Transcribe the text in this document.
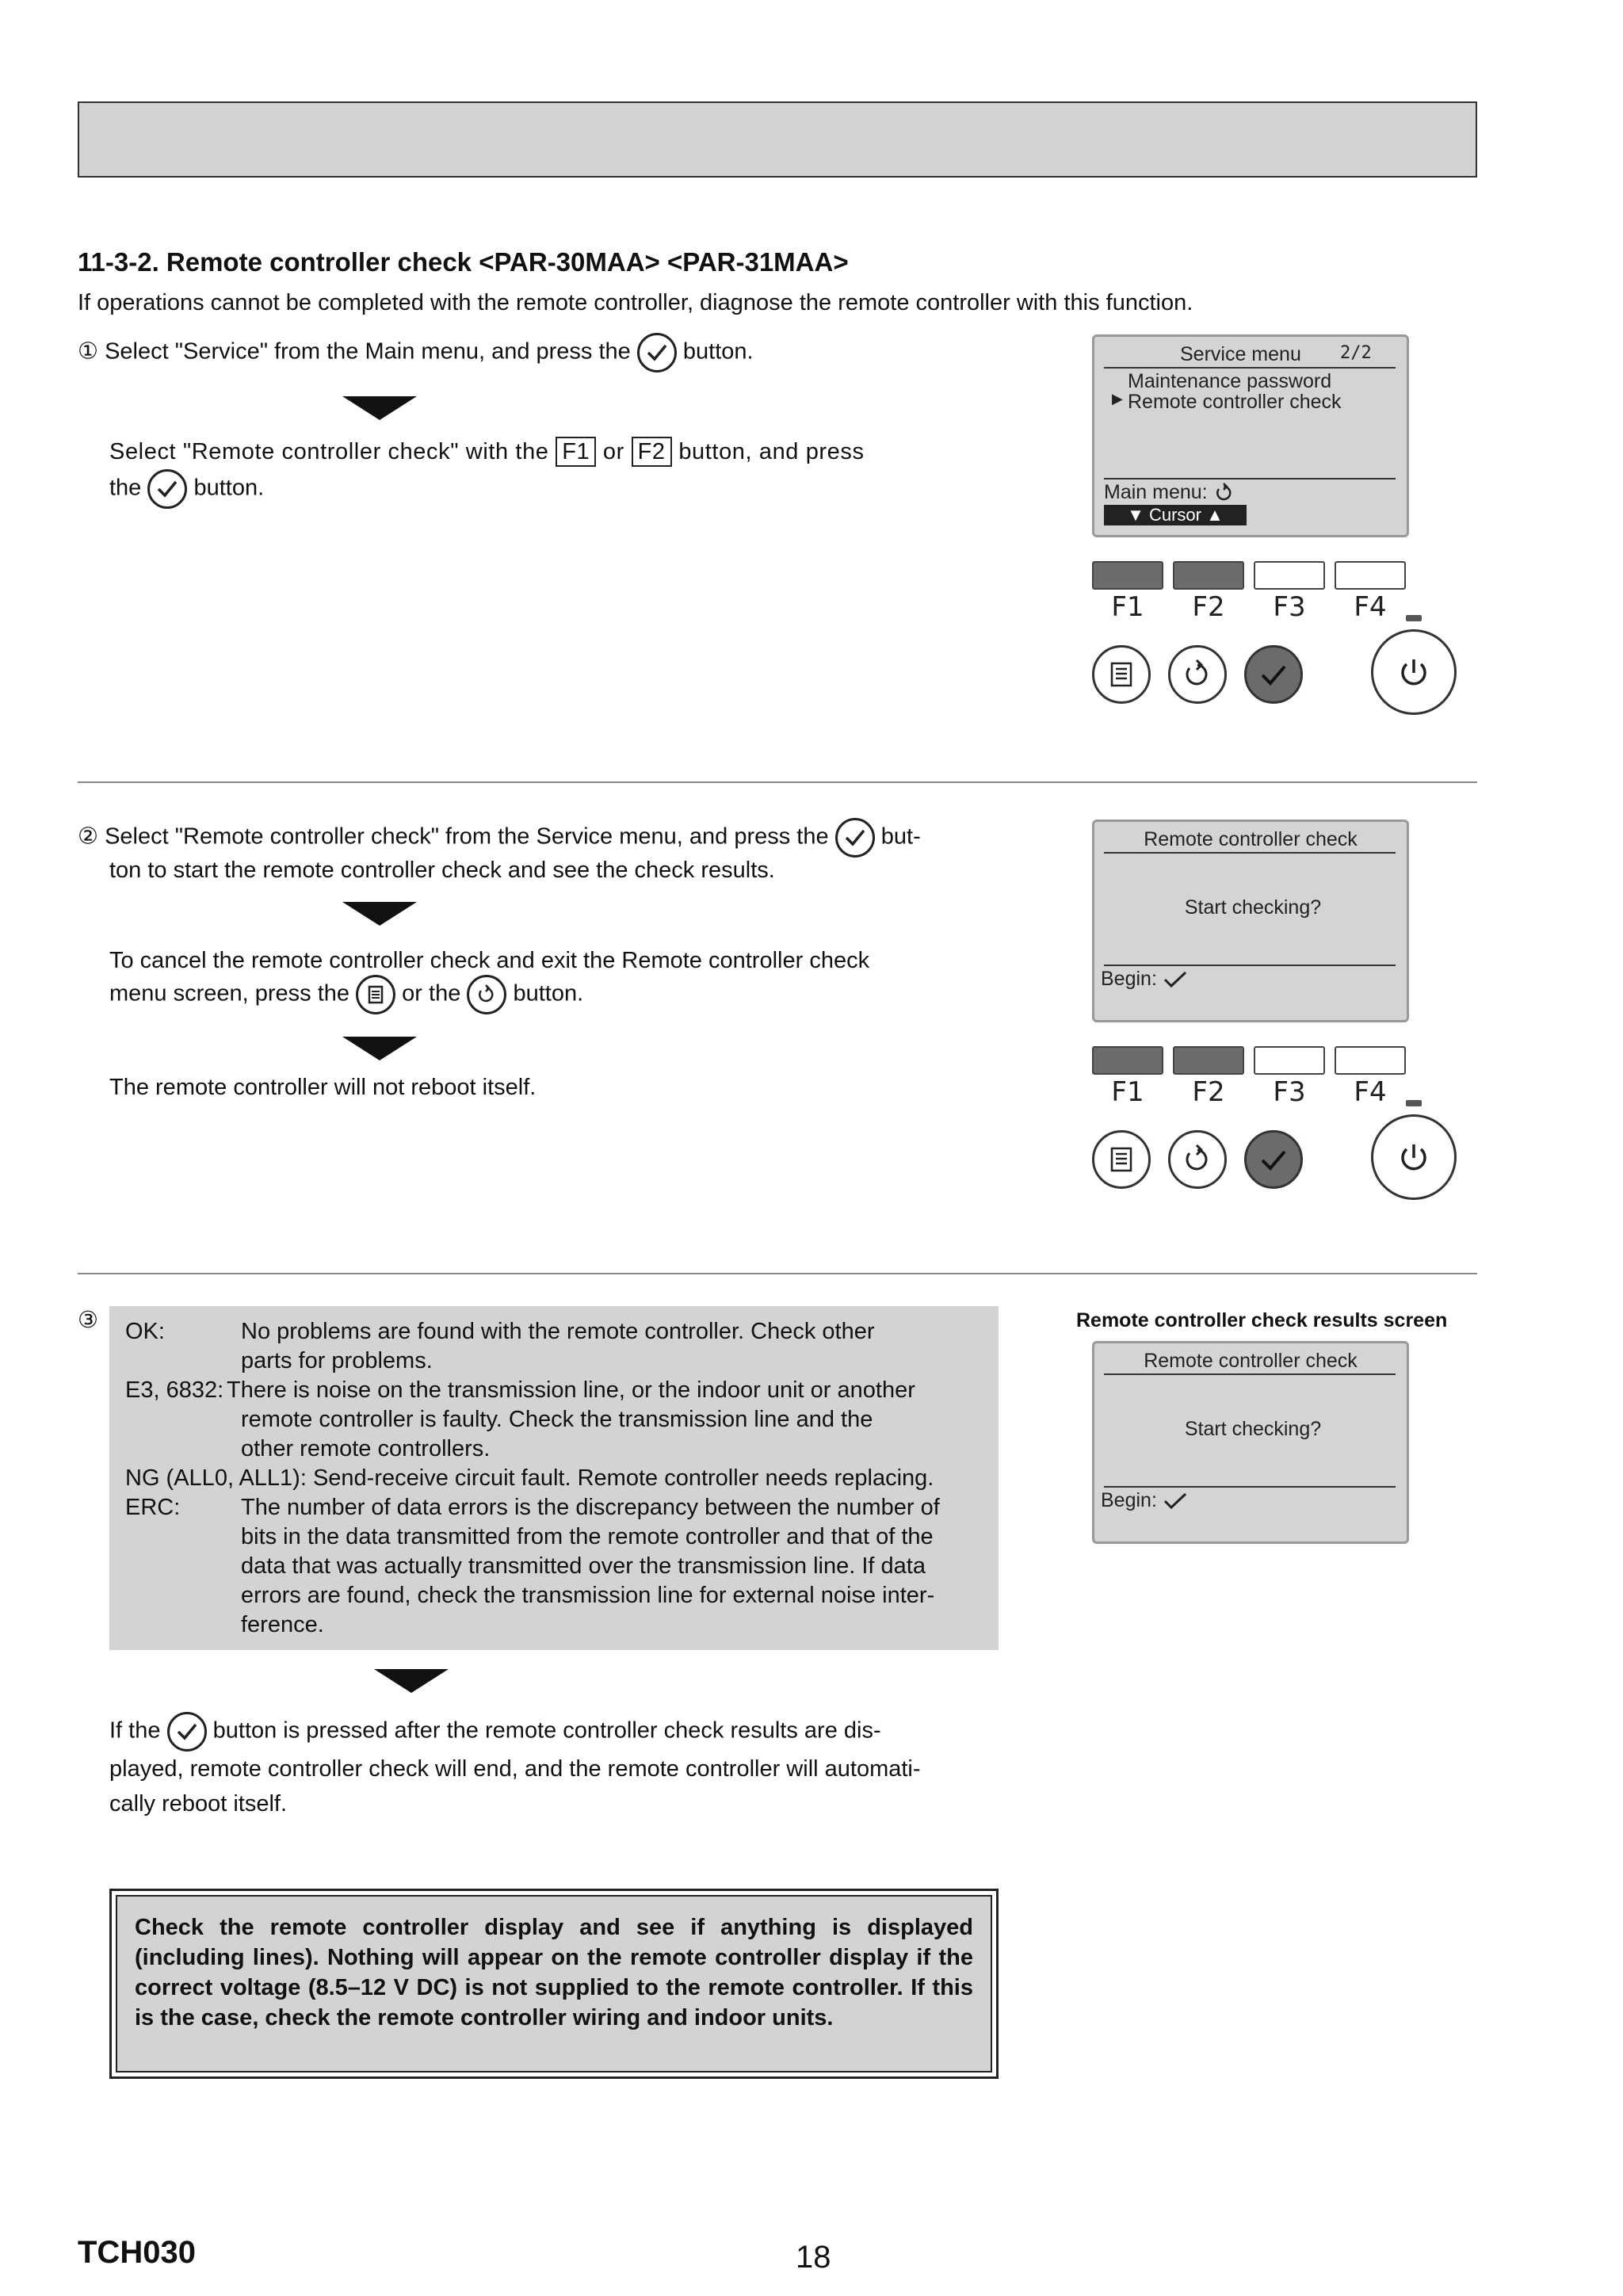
11-3-2. Remote controller check <PAR-30MAA> <PAR-31MAA>
If operations cannot be completed with the remote controller, diagnose the remote controller with this function.
① Select "Service" from the Main menu, and press the button.
Select "Remote controller check" with the F1 or F2 button, and press
the button.
Service menu 2/2
Maintenance password
▶ Remote controller check
Main menu:
▼ Cursor ▲
F1	F2	F3	F4
② Select "Remote controller check" from the Service menu, and press the but-
ton to start the remote controller check and see the check results.
To cancel the remote controller check and exit the Remote controller check
menu screen, press the or the button.
The remote controller will not reboot itself.
Remote controller check
Start checking?
Begin:
F1	F2	F3	F4
③ OK:	No problems are found with the remote controller. Check other
parts for problems.
E3, 6832: There is noise on the transmission line, or the indoor unit or another
remote controller is faulty. Check the transmission line and the
other remote controllers.
NG (ALL0, ALL1): Send-receive circuit fault. Remote controller needs replacing.
ERC:	The number of data errors is the discrepancy between the number of
bits in the data transmitted from the remote controller and that of the
data that was actually transmitted over the transmission line. If data
errors are found, check the transmission line for external noise inter-
ference.
If the button is pressed after the remote controller check results are dis-
played, remote controller check will end, and the remote controller will automati-
cally reboot itself.
Remote controller check results screen
Remote controller check
Start checking?
Begin:
Check the remote controller display and see if anything is displayed (including lines). Nothing will appear on the remote controller display if the correct voltage (8.5–12 V DC) is not supplied to the remote controller. If this is the case, check the remote controller wiring and indoor units.
TCH030	18
